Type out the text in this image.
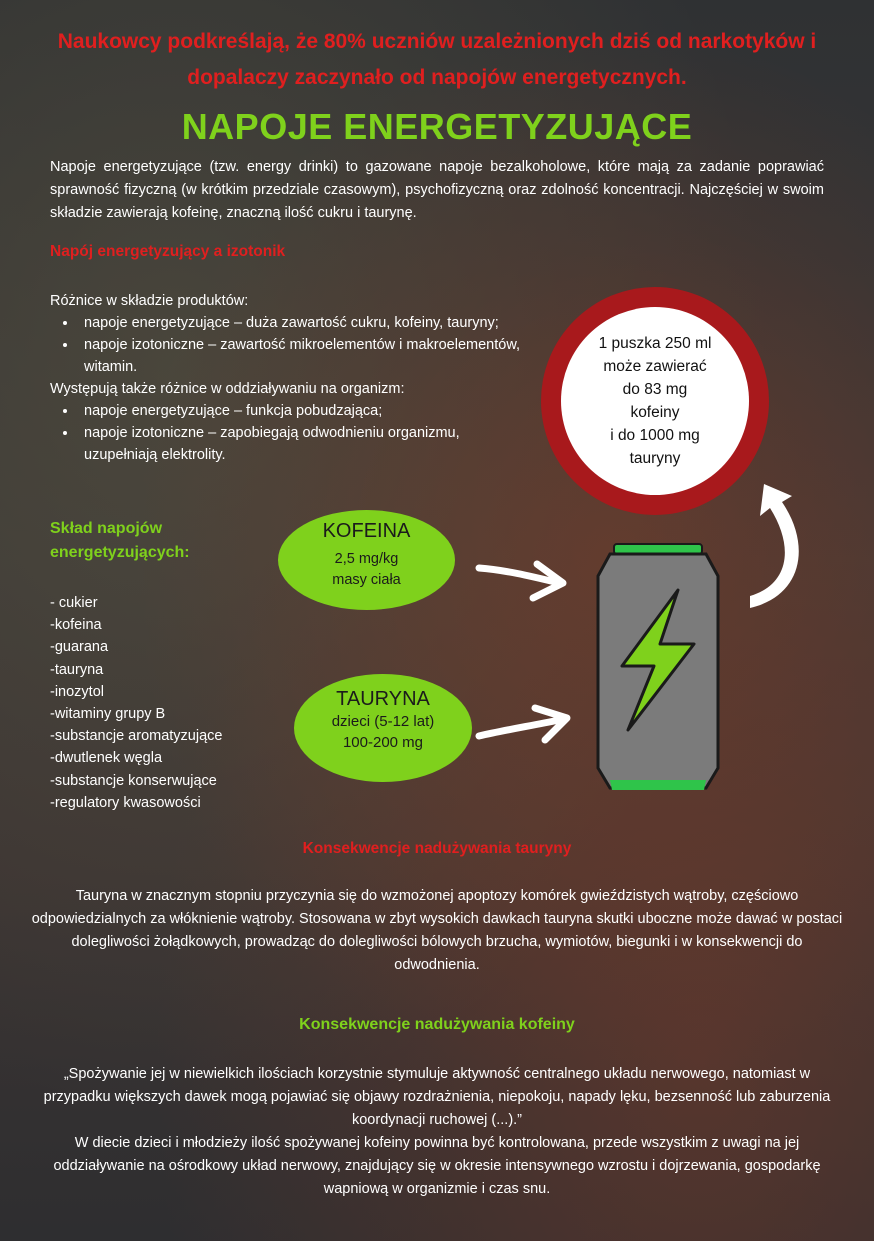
Naukowcy podkreślają, że 80% uczniów uzależnionych dziś od narkotyków i dopalaczy zaczynało od napojów energetycznych.
NAPOJE ENERGETYZUJĄCE
Napoje energetyzujące (tzw. energy drinki) to gazowane napoje bezalkoholowe, które mają za zadanie poprawiać sprawność fizyczną (w krótkim przedziale czasowym), psychofizyczną oraz zdolność koncentracji. Najczęściej w swoim składzie zawierają kofeinę, znaczną ilość cukru i taurynę.
Napój energetyzujący a izotonik
Różnice w składzie produktów:
• napoje energetyzujące – duża zawartość cukru, kofeiny, tauryny;
• napoje izotoniczne – zawartość mikroelementów i makroelementów, witamin.
Występują także różnice w oddziaływaniu na organizm:
• napoje energetyzujące – funkcja pobudzająca;
• napoje izotoniczne – zapobiegają odwodnieniu organizmu, uzupełniają elektrolity.
1 puszka 250 ml
może zawierać
do 83 mg
kofeiny
i do 1000 mg
tauryny
Skład napojów
energetyzujących:
- cukier
-kofeina
-guarana
-tauryna
-inozytol
-witaminy grupy B
-substancje aromatyzujące
-dwutlenek węgla
-substancje konserwujące
-regulatory kwasowości
KOFEINA
2,5 mg/kg
masy ciała
TAURYNA
dzieci (5-12 lat)
100-200 mg
Konsekwencje nadużywania tauryny
Tauryna w znacznym stopniu przyczynia się do wzmożonej apoptozy komórek gwieździstych wątroby, częściowo odpowiedzialnych za włóknienie wątroby. Stosowana w zbyt wysokich dawkach tauryna skutki uboczne może dawać w postaci dolegliwości żołądkowych, prowadząc do dolegliwości bólowych brzucha, wymiotów, biegunki i w konsekwencji do odwodnienia.
Konsekwencje nadużywania kofeiny
„Spożywanie jej w niewielkich ilościach korzystnie stymuluje aktywność centralnego układu nerwowego, natomiast w przypadku większych dawek mogą pojawiać się objawy rozdrażnienia, niepokoju, napady lęku, bezsenność lub zaburzenia koordynacji ruchowej (...).”
W diecie dzieci i młodzieży ilość spożywanej kofeiny powinna być kontrolowana, przede wszystkim z uwagi na jej oddziaływanie na ośrodkowy układ nerwowy, znajdujący się w okresie intensywnego wzrostu i dojrzewania, gospodarkę wapniową w organizmie i czas snu.
